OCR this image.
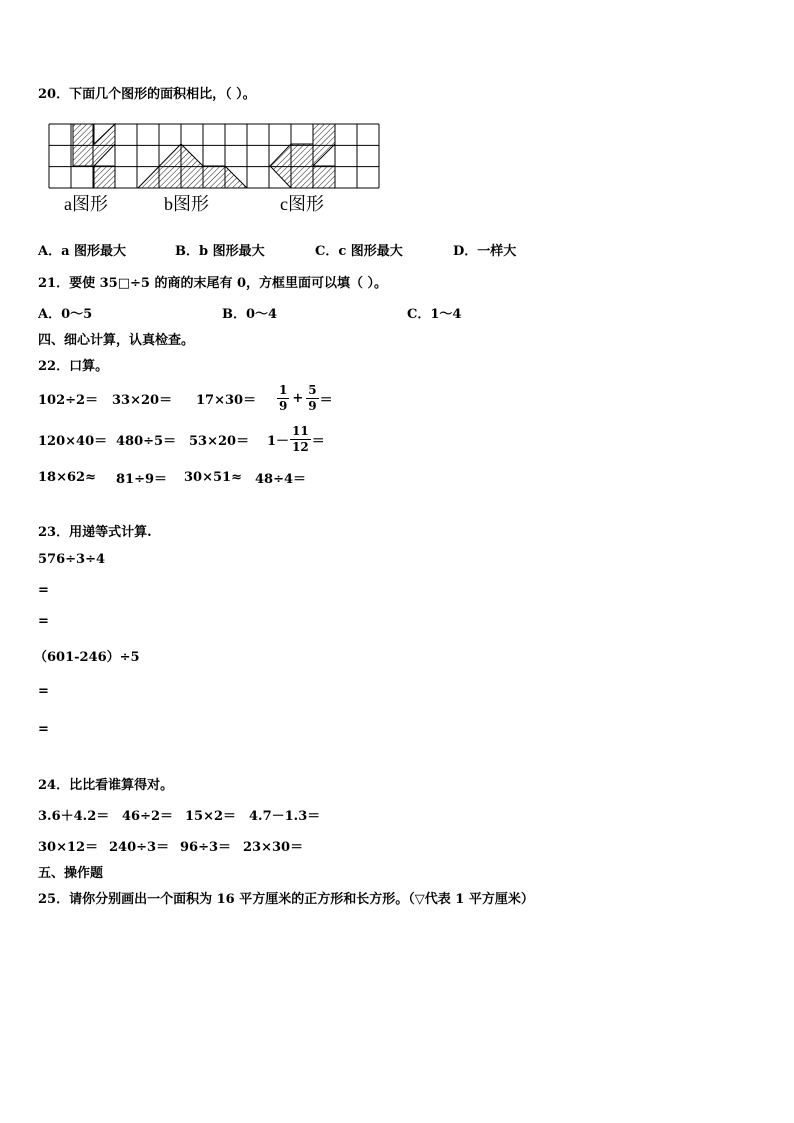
20．下面几个图形的面积相比，（ ）。
a图形	b图形	c图形
A．a 图形最大	B．b 图形最大	C．c 图形最大	D．一样大
21．要使 35□÷5 的商的末尾有 0，方框里面可以填（ ）。
A．0～5	B．0～4	C．1～4
四、细心计算，认真检查。
22．口算。
102÷2＝	33×20＝	17×30＝	$\frac{1}{9} + \frac{5}{9}$ ＝
120×40＝ 480÷5＝ 53×20＝	$1- \frac{11}{12}$ ＝
18×62≈	81÷9＝	30×51≈	48÷4＝
23．用递等式计算.
576÷3÷4
=
=
（601-246）÷5
=
=
24．比比看谁算得对。
3.6＋4.2＝ 46÷2＝ 15×2＝ 4.7－1.3＝
30×12＝ 240÷3＝ 96÷3＝ 23×30＝
五、操作题
25．请你分别画出一个面积为 16 平方厘米的正方形和长方形。（▽代表 1 平方厘米）
